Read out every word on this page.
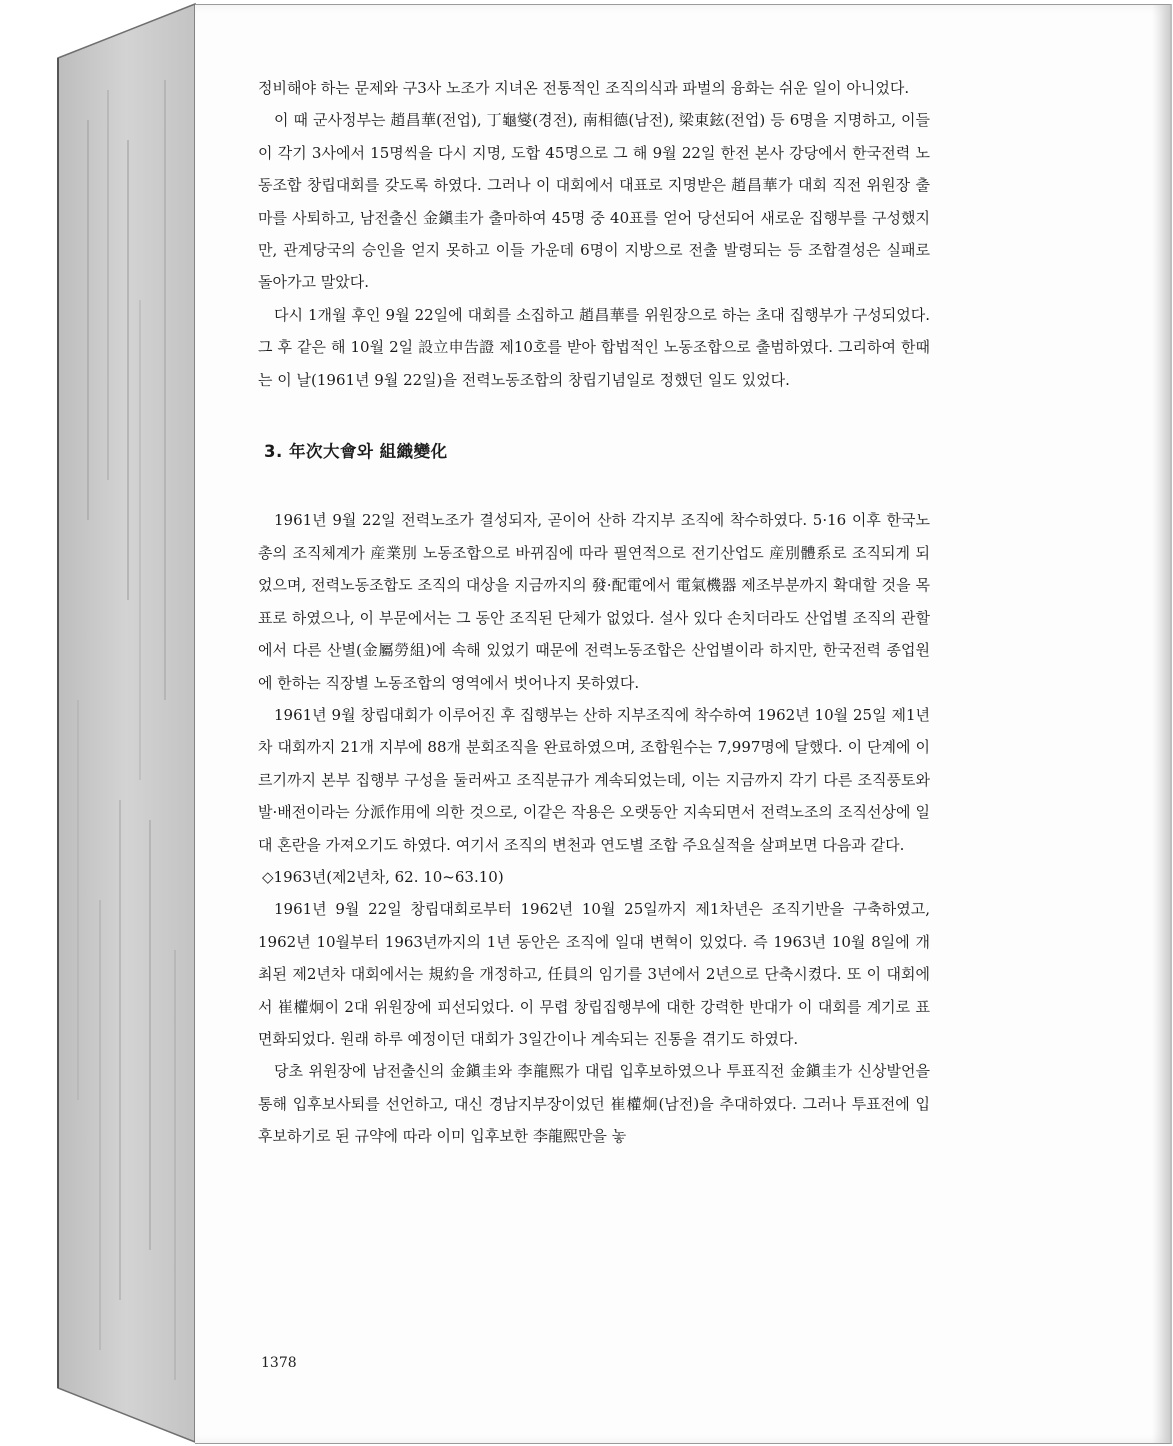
정비해야 하는 문제와 구3사 노조가 지녀온 전통적인 조직의식과 파벌의 융화는 쉬운 일이 아니었다.

이 때 군사정부는 趙昌華(전업), 丁龜燮(경전), 南相德(남전), 梁東鉉(전업) 등 6명을 지명하고, 이들이 각기 3사에서 15명씩을 다시 지명, 도합 45명으로 그 해 9월 22일 한전 본사 강당에서 한국전력 노동조합 창립대회를 갖도록 하였다. 그러나 이 대회에서 대표로 지명받은 趙昌華가 대회 직전 위원장 출마를 사퇴하고, 남전출신 金鎭圭가 출마하여 45명 중 40표를 얻어 당선되어 새로운 집행부를 구성했지만, 관계당국의 승인을 얻지 못하고 이들 가운데 6명이 지방으로 전출 발령되는 등 조합결성은 실패로 돌아가고 말았다.

다시 1개월 후인 9월 22일에 대회를 소집하고 趙昌華를 위원장으로 하는 초대 집행부가 구성되었다. 그 후 같은 해 10월 2일 設立申告證 제10호를 받아 합법적인 노동조합으로 출범하였다. 그리하여 한때는 이 날(1961년 9월 22일)을 전력노동조합의 창립기념일로 정했던 일도 있었다.

3. 年次大會와 組織變化

1961년 9월 22일 전력노조가 결성되자, 곧이어 산하 각지부 조직에 착수하였다. 5·16 이후 한국노총의 조직체계가 産業別 노동조합으로 바뀌짐에 따라 필연적으로 전기산업도 産別體系로 조직되게 되었으며, 전력노동조합도 조직의 대상을 지금까지의 發·配電에서 電氣機器 제조부분까지 확대할 것을 목표로 하였으나, 이 부문에서는 그 동안 조직된 단체가 없었다. 설사 있다 손치더라도 산업별 조직의 관할에서 다른 산별(金屬勞組)에 속해 있었기 때문에 전력노동조합은 산업별이라 하지만, 한국전력 종업원에 한하는 직장별 노동조합의 영역에서 벗어나지 못하였다.

1961년 9월 창립대회가 이루어진 후 집행부는 산하 지부조직에 착수하여 1962년 10월 25일 제1년차 대회까지 21개 지부에 88개 분회조직을 완료하였으며, 조합원수는 7,997명에 달했다. 이 단계에 이르기까지 본부 집행부 구성을 둘러싸고 조직분규가 계속되었는데, 이는 지금까지 각기 다른 조직풍토와 발·배전이라는 分派作用에 의한 것으로, 이같은 작용은 오랫동안 지속되면서 전력노조의 조직선상에 일대 혼란을 가져오기도 하였다. 여기서 조직의 변천과 연도별 조합 주요실적을 살펴보면 다음과 같다.

◇1963년(제2년차, 62. 10~63.10)

1961년 9월 22일 창립대회로부터 1962년 10월 25일까지 제1차년은 조직기반을 구축하였고, 1962년 10월부터 1963년까지의 1년 동안은 조직에 일대 변혁이 있었다. 즉 1963년 10월 8일에 개최된 제2년차 대회에서는 規約을 개정하고, 任員의 임기를 3년에서 2년으로 단축시켰다. 또 이 대회에서 崔權炯이 2대 위원장에 피선되었다. 이 무렵 창립집행부에 대한 강력한 반대가 이 대회를 계기로 표면화되었다. 원래 하루 예정이던 대회가 3일간이나 계속되는 진통을 겪기도 하였다.

당초 위원장에 남전출신의 金鎭圭와 李龍熙가 대립 입후보하였으나 투표직전 金鎭圭가 신상발언을 통해 입후보사퇴를 선언하고, 대신 경남지부장이었던 崔權炯(남전)을 추대하였다. 그러나 투표전에 입후보하기로 된 규약에 따라 이미 입후보한 李龍熙만을 놓

1378
